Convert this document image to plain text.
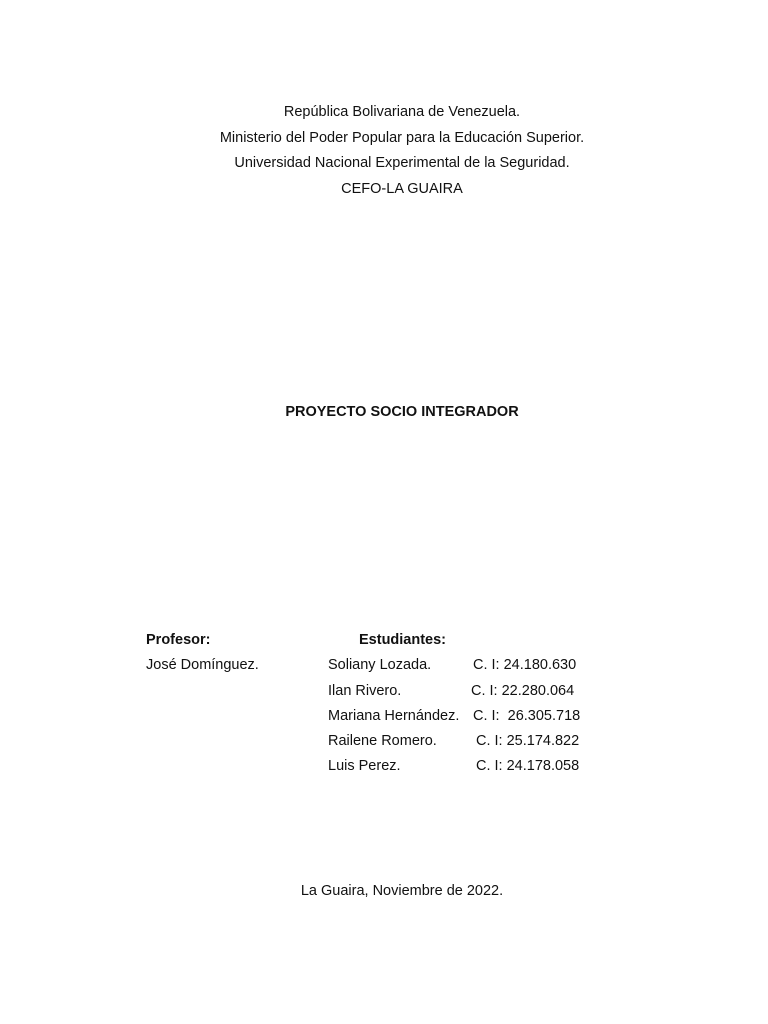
República Bolivariana de Venezuela.
Ministerio del Poder Popular para la Educación Superior.
Universidad Nacional Experimental de la Seguridad.
CEFO-LA GUAIRA
PROYECTO SOCIO INTEGRADOR
Profesor:	Estudiantes:
José Domínguez.	Soliany Lozada.	C. I: 24.180.630
Ilan Rivero.	C. I: 22.280.064
Mariana Hernández. C. I:  26.305.718
Railene Romero.	C. I: 25.174.822
Luis Perez.	C. I: 24.178.058
La Guaira, Noviembre de 2022.
